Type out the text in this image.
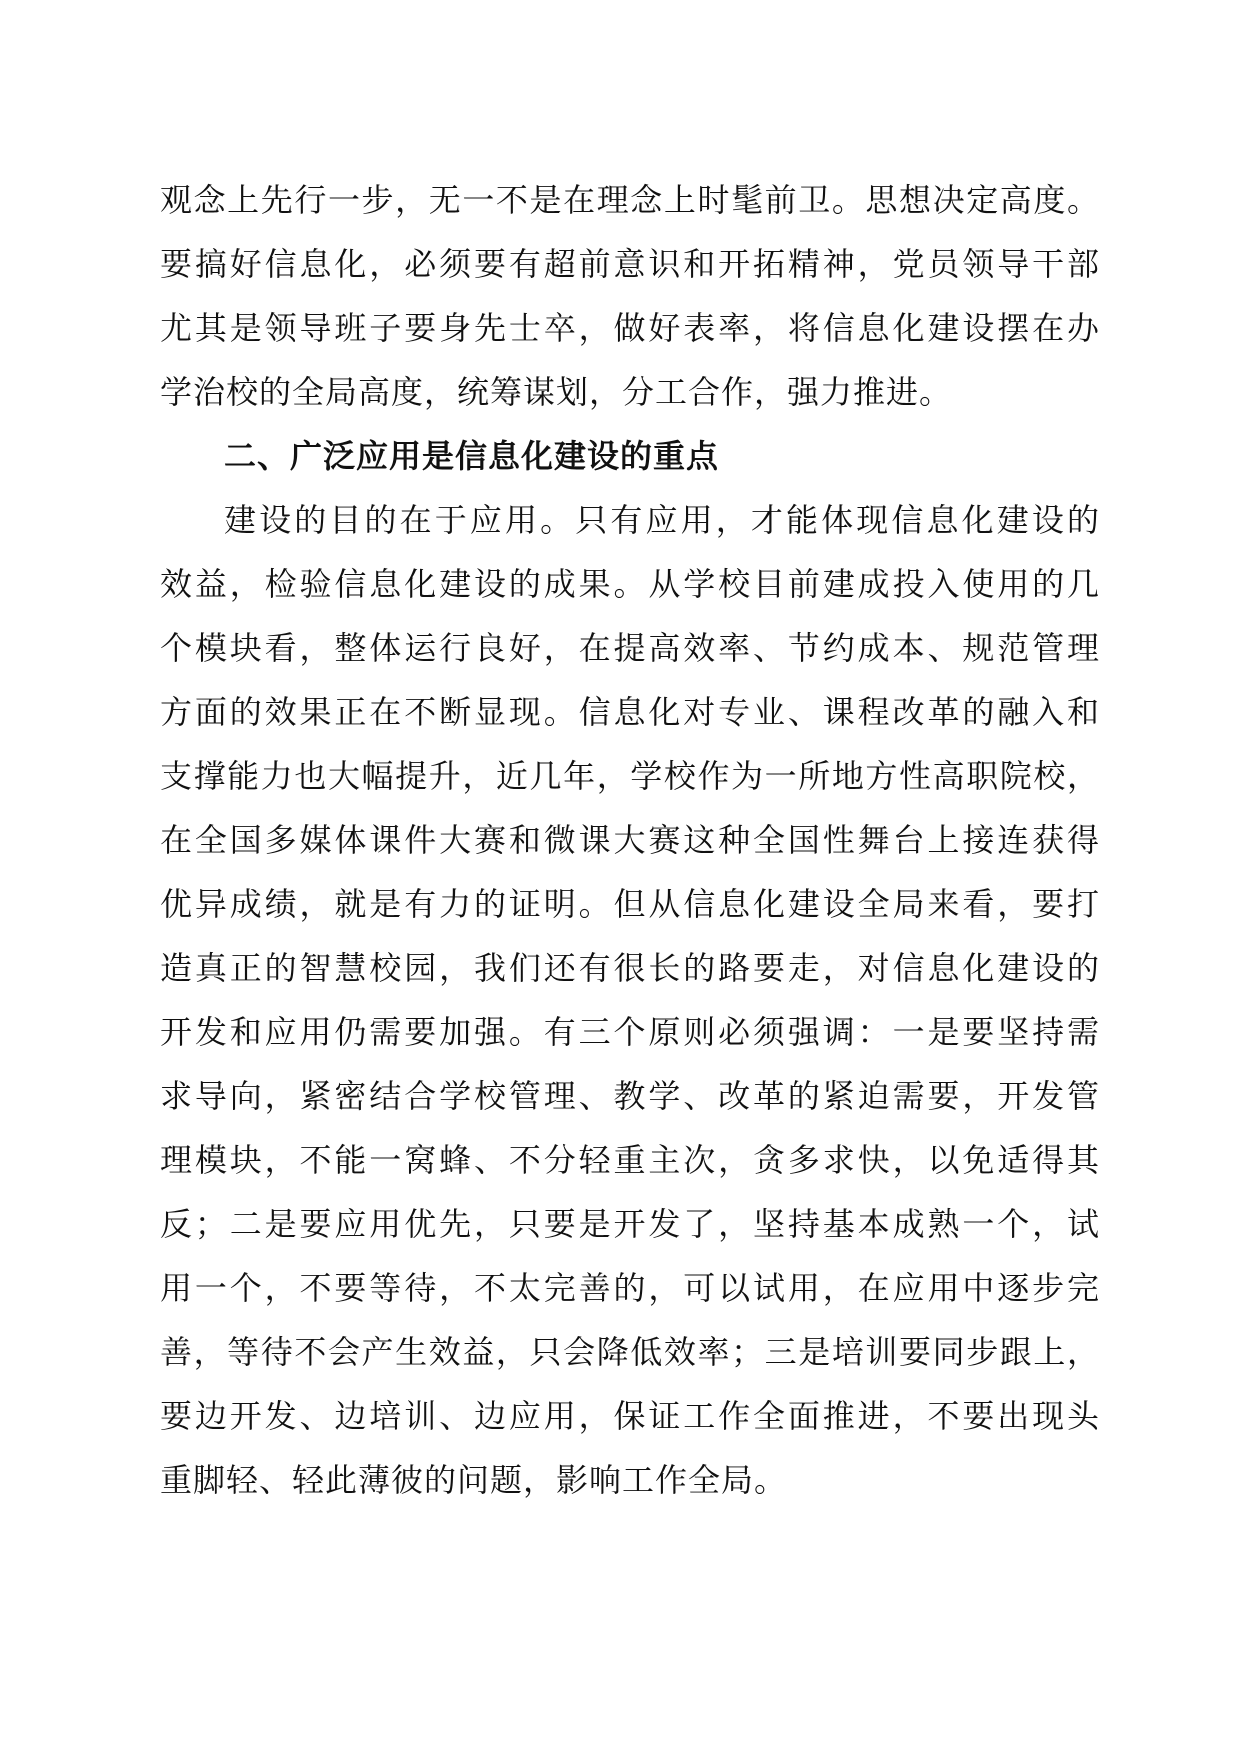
观念上先行一步，无一不是在理念上时髦前卫。思想决定高度。
要搞好信息化，必须要有超前意识和开拓精神，党员领导干部
尤其是领导班子要身先士卒，做好表率，将信息化建设摆在办
学治校的全局高度，统筹谋划，分工合作，强力推进。
二、广泛应用是信息化建设的重点
建设的目的在于应用。只有应用，才能体现信息化建设的
效益，检验信息化建设的成果。从学校目前建成投入使用的几
个模块看，整体运行良好，在提高效率、节约成本、规范管理
方面的效果正在不断显现。信息化对专业、课程改革的融入和
支撑能力也大幅提升，近几年，学校作为一所地方性高职院校，
在全国多媒体课件大赛和微课大赛这种全国性舞台上接连获得
优异成绩，就是有力的证明。但从信息化建设全局来看，要打
造真正的智慧校园，我们还有很长的路要走，对信息化建设的
开发和应用仍需要加强。有三个原则必须强调：一是要坚持需
求导向，紧密结合学校管理、教学、改革的紧迫需要，开发管
理模块，不能一窝蜂、不分轻重主次，贪多求快，以免适得其
反；二是要应用优先，只要是开发了，坚持基本成熟一个，试
用一个，不要等待，不太完善的，可以试用，在应用中逐步完
善，等待不会产生效益，只会降低效率；三是培训要同步跟上，
要边开发、边培训、边应用，保证工作全面推进，不要出现头
重脚轻、轻此薄彼的问题，影响工作全局。
